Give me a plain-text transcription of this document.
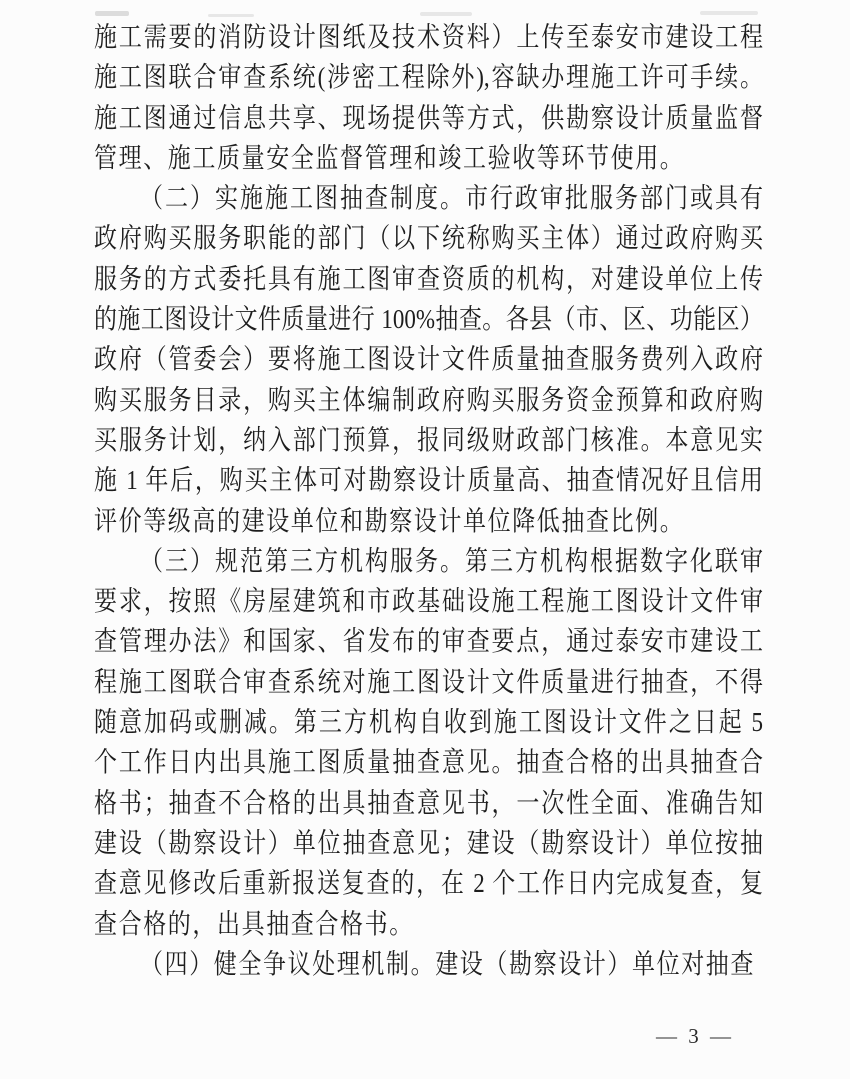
施工需要的消防设计图纸及技术资料）上传至泰安市建设工程
施工图联合审查系统(涉密工程除外),容缺办理施工许可手续。
施工图通过信息共享、现场提供等方式，供勘察设计质量监督
管理、施工质量安全监督管理和竣工验收等环节使用。
（二）实施施工图抽查制度。市行政审批服务部门或具有
政府购买服务职能的部门（以下统称购买主体）通过政府购买
服务的方式委托具有施工图审查资质的机构，对建设单位上传
的施工图设计文件质量进行 100%抽查。各县（市、区、功能区）
政府（管委会）要将施工图设计文件质量抽查服务费列入政府
购买服务目录，购买主体编制政府购买服务资金预算和政府购
买服务计划，纳入部门预算，报同级财政部门核准。本意见实
施 1 年后，购买主体可对勘察设计质量高、抽查情况好且信用
评价等级高的建设单位和勘察设计单位降低抽查比例。
（三）规范第三方机构服务。第三方机构根据数字化联审
要求，按照《房屋建筑和市政基础设施工程施工图设计文件审
查管理办法》和国家、省发布的审查要点，通过泰安市建设工
程施工图联合审查系统对施工图设计文件质量进行抽查，不得
随意加码或删减。第三方机构自收到施工图设计文件之日起 5
个工作日内出具施工图质量抽查意见。抽查合格的出具抽查合
格书；抽查不合格的出具抽查意见书，一次性全面、准确告知
建设（勘察设计）单位抽查意见；建设（勘察设计）单位按抽
查意见修改后重新报送复查的，在 2 个工作日内完成复查，复
查合格的，出具抽查合格书。
（四）健全争议处理机制。建设（勘察设计）单位对抽查
— 3 —
